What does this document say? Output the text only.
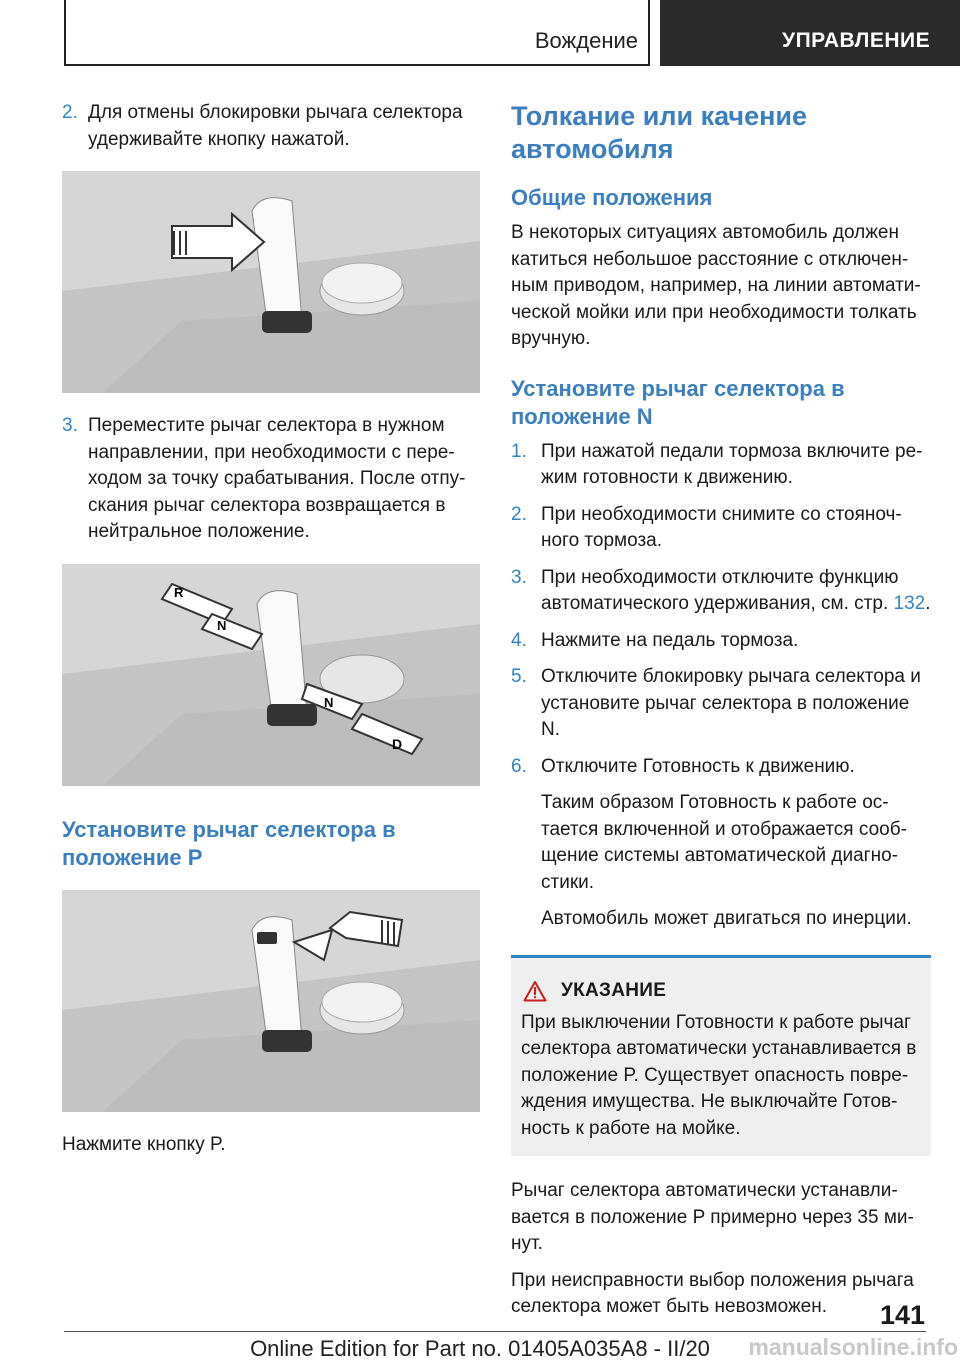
Вождение	УПРАВЛЕНИЕ
2. Для отмены блокировки рычага селектора удерживайте кнопку нажатой.
3. Переместите рычаг селектора в нужном направлении, при необходимости с переходом за точку срабатывания. После отпускания рычаг селектора возвращается в нейтральное положение.
R
N
N
D
Установите рычаг селектора в положение P

Нажмите кнопку P.

Толкание или качение автомобиля
Общие положения

В некоторых ситуациях автомобиль должен катиться небольшое расстояние с отключенным приводом, например, на линии автоматической мойки или при необходимости толкать вручную.

Установите рычаг селектора в положение N
1. При нажатой педали тормоза включите режим готовности к движению.
2. При необходимости снимите со стояночного тормоза.
3. При необходимости отключите функцию автоматического удерживания, см. стр. 132.
4. Нажмите на педаль тормоза.
5. Отключите блокировку рычага селектора и установите рычаг селектора в положение N.
6. Отключите Готовность к движению.
Таким образом Готовность к работе остается включенной и отображается сообщение системы автоматической диагностики.
Автомобиль может двигаться по инерции.
УКАЗАНИЕ
При выключении Готовности к работе рычаг селектора автоматически устанавливается в положение P. Существует опасность повреждения имущества. Не выключайте Готовность к работе на мойке.

Рычаг селектора автоматически устанавливается в положение P примерно через 35 минут.

При неисправности выбор положения рычага селектора может быть невозможен.	141
Online Edition for Part no. 01405A035A8 - II/20	manualsonline.info
